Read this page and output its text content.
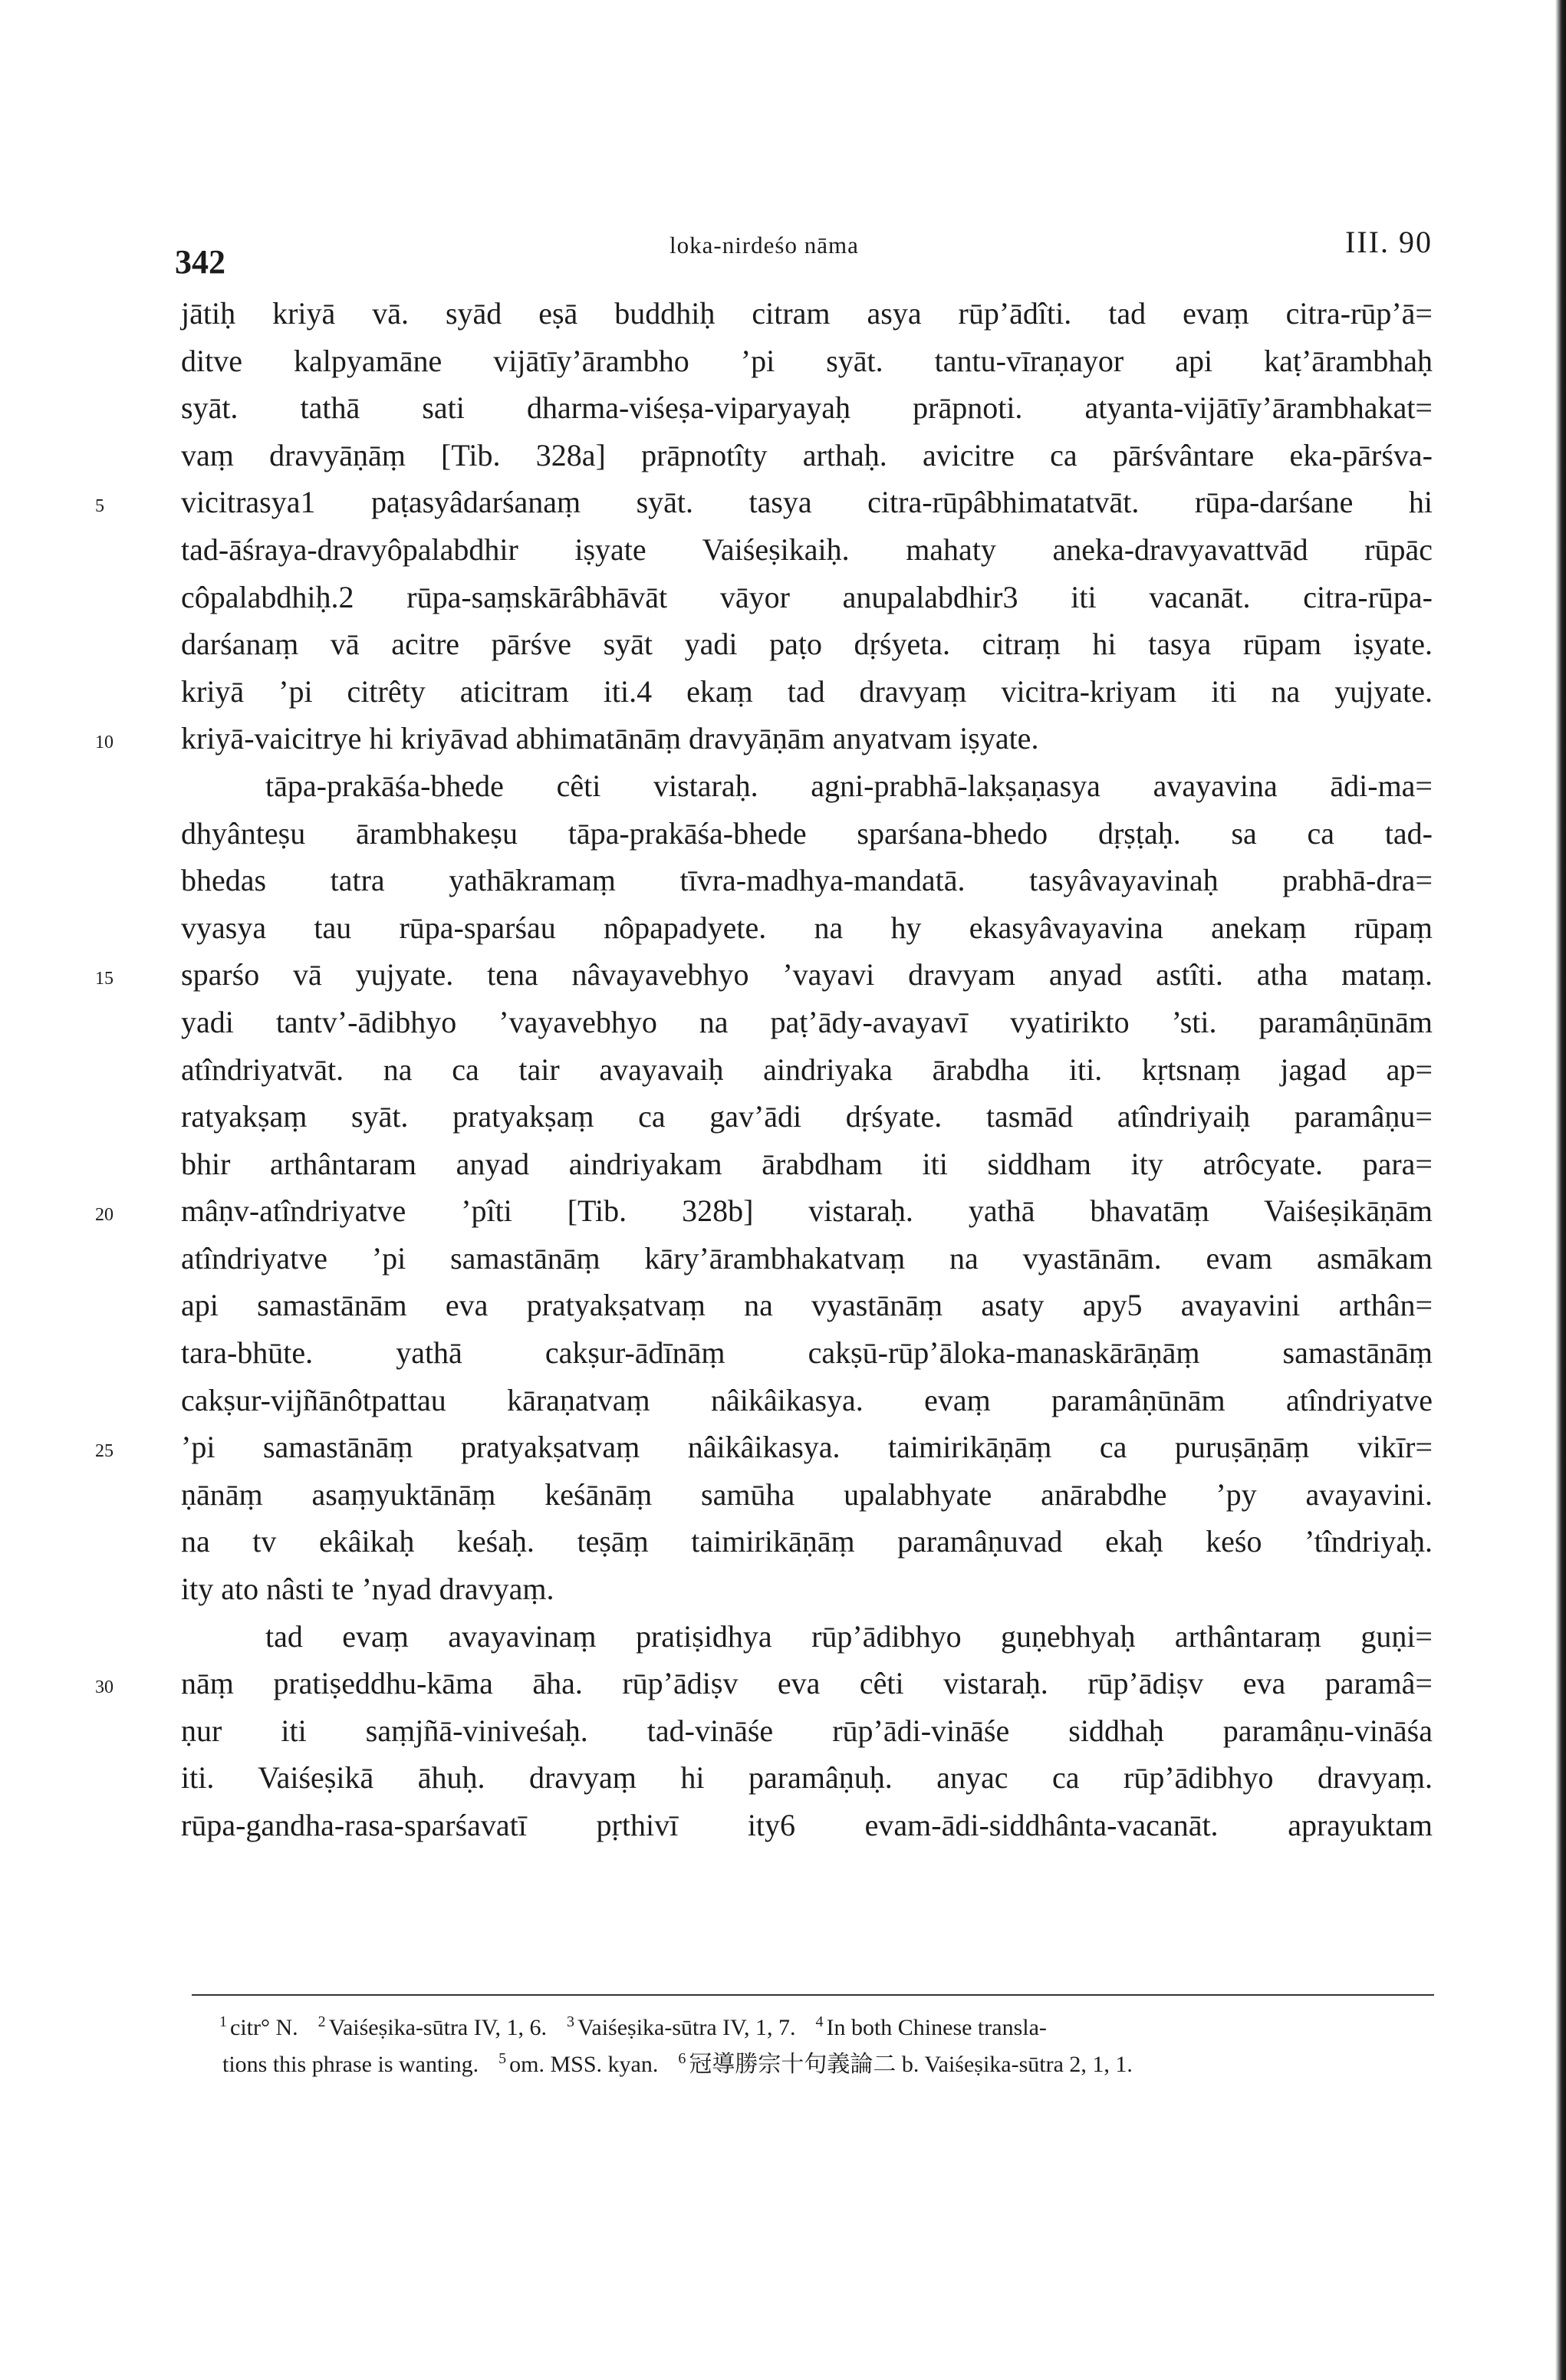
342	loka-nirdeśo nāma	III. 90
jātiḥ kriyā vā. syād eṣā buddhiḥ citram asya rūp’ādîti. tad evaṃ citra-rūp’ā=
ditve kalpyamāne vijātīy’ārambho ’pi syāt. tantu-vīraṇayor api kaṭ’ārambhaḥ
syāt. tathā sati dharma-viśeṣa-viparyayaḥ prāpnoti. atyanta-vijātīy’ārambhakat=
vaṃ dravyāṇāṃ [Tib. 328a] prāpnotîty arthaḥ. avicitre ca pārśvântare eka-pārśva-
5	vicitrasya1 paṭasyâdarśanaṃ syāt. tasya citra-rūpâbhimatatvāt. rūpa-darśane hi
tad-āśraya-dravyôpalabdhir iṣyate Vaiśeṣikaiḥ. mahaty aneka-dravyavattvād rūpāc
côpalabdhiḥ.2 rūpa-saṃskārâbhāvāt vāyor anupalabdhir3 iti vacanāt. citra-rūpa-
darśanaṃ vā acitre pārśve syāt yadi paṭo dṛśyeta. citraṃ hi tasya rūpam iṣyate.
kriyā ’pi citrêty aticitram iti.4 ekaṃ tad dravyaṃ vicitra-kriyam iti na yujyate.
10	kriyā-vaicitrye hi kriyāvad abhimatānāṃ dravyāṇām anyatvam iṣyate.
tāpa-prakāśa-bhede cêti vistaraḥ. agni-prabhā-lakṣaṇasya avayavina ādi-ma=
dhyânteṣu ārambhakeṣu tāpa-prakāśa-bhede sparśana-bhedo dṛṣṭaḥ. sa ca tad-
bhedas tatra yathākramaṃ tīvra-madhya-mandatā. tasyâvayavinaḥ prabhā-dra=
vyasya tau rūpa-sparśau nôpapadyete. na hy ekasyâvayavina anekaṃ rūpaṃ
15	sparśo vā yujyate. tena nâvayavebhyo ’vayavi dravyam anyad astîti. atha mataṃ.
yadi tantv’-ādibhyo ’vayavebhyo na paṭ’ādy-avayavī vyatirikto ’sti. paramâṇūnām
atîndriyatvāt. na ca tair avayavaiḥ aindriyaka ārabdha iti. kṛtsnaṃ jagad ap=
ratyakṣaṃ syāt. pratyakṣaṃ ca gav’ādi dṛśyate. tasmād atîndriyaiḥ paramâṇu=
bhir arthântaram anyad aindriyakam ārabdham iti siddham ity atrôcyate. para=
20	mâṇv-atîndriyatve ’pîti [Tib. 328b] vistaraḥ. yathā bhavatāṃ Vaiśeṣikāṇām
atîndriyatve ’pi samastānāṃ kāry’ārambhakatvaṃ na vyastānām. evam asmākam
api samastānām eva pratyakṣatvaṃ na vyastānāṃ asaty apy5 avayavini arthân=
tara-bhūte. yathā cakṣur-ādīnāṃ cakṣū-rūp’āloka-manaskārāṇāṃ samastānāṃ
cakṣur-vijñānôtpattau kāraṇatvaṃ nâikâikasya. evaṃ paramâṇūnām atîndriyatve
25	’pi samastānāṃ pratyakṣatvaṃ nâikâikasya. taimirikāṇāṃ ca puruṣāṇāṃ vikīr=
ṇānāṃ asaṃyuktānāṃ keśānāṃ samūha upalabhyate anārabdhe ’py avayavini.
na tv ekâikaḥ keśaḥ. teṣāṃ taimirikāṇāṃ paramâṇuvad ekaḥ keśo ’tîndriyaḥ.
ity ato nâsti te ’nyad dravyaṃ.
tad evaṃ avayavinaṃ pratiṣidhya rūp’ādibhyo guṇebhyaḥ arthântaraṃ guṇi=
30	nāṃ pratiṣeddhu-kāma āha. rūp’ādiṣv eva cêti vistaraḥ. rūp’ādiṣv eva paramâ=
ṇur iti saṃjñā-viniveśaḥ. tad-vināśe rūp’ādi-vināśe siddhaḥ paramâṇu-vināśa
iti. Vaiśeṣikā āhuḥ. dravyaṃ hi paramâṇuḥ. anyac ca rūp’ādibhyo dravyaṃ.
rūpa-gandha-rasa-sparśavatī pṛthivī ity6 evam-ādi-siddhânta-vacanāt. aprayuktam
$^1$ citr° N. $^2$ Vaiśeṣika-sūtra IV, 1, 6. $^3$ Vaiśeṣika-sūtra IV, 1, 7. $^4$ In both Chinese transla-
tions this phrase is wanting. $^5$ om. MSS. kyan. $^6$ 冠導勝宗十句義論二 b. Vaiśeṣika-sūtra 2, 1, 1.
